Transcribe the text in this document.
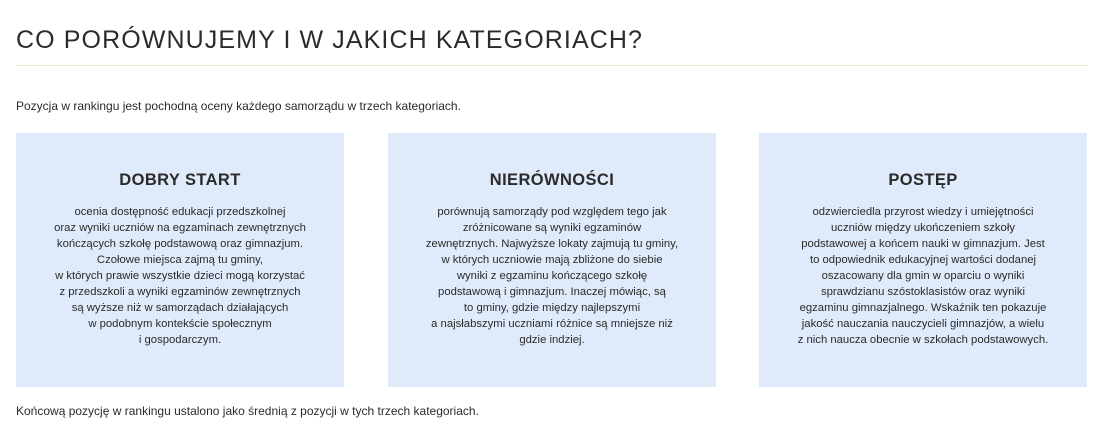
CO PORÓWNUJEMY I W JAKICH KATEGORIACH?

Pozycja w rankingu jest pochodną oceny każdego samorządu w trzech kategoriach.

DOBRY START
ocenia dostępność edukacji przedszkolnej
oraz wyniki uczniów na egzaminach zewnętrznych
kończących szkołę podstawową oraz gimnazjum.
Czołowe miejsca zajmą tu gminy,
w których prawie wszystkie dzieci mogą korzystać
z przedszkoli a wyniki egzaminów zewnętrznych
są wyższe niż w samorządach działających
w podobnym kontekście społecznym
i gospodarczym.
NIERÓWNOŚCI
porównują samorządy pod względem tego jak
zróżnicowane są wyniki egzaminów
zewnętrznych. Najwyższe lokaty zajmują tu gminy,
w których uczniowie mają zbliżone do siebie
wyniki z egzaminu kończącego szkołę
podstawową i gimnazjum. Inaczej mówiąc, są
to gminy, gdzie między najlepszymi
a najsłabszymi uczniami różnice są mniejsze niż
gdzie indziej.
POSTĘP
odzwierciedla przyrost wiedzy i umiejętności
uczniów między ukończeniem szkoły
podstawowej a końcem nauki w gimnazjum. Jest
to odpowiednik edukacyjnej wartości dodanej
oszacowany dla gmin w oparciu o wyniki
sprawdzianu szóstoklasistów oraz wyniki
egzaminu gimnazjalnego. Wskaźnik ten pokazuje
jakość nauczania nauczycieli gimnazjów, a wielu
z nich naucza obecnie w szkołach podstawowych.

Końcową pozycję w rankingu ustalono jako średnią z pozycji w tych trzech kategoriach.
